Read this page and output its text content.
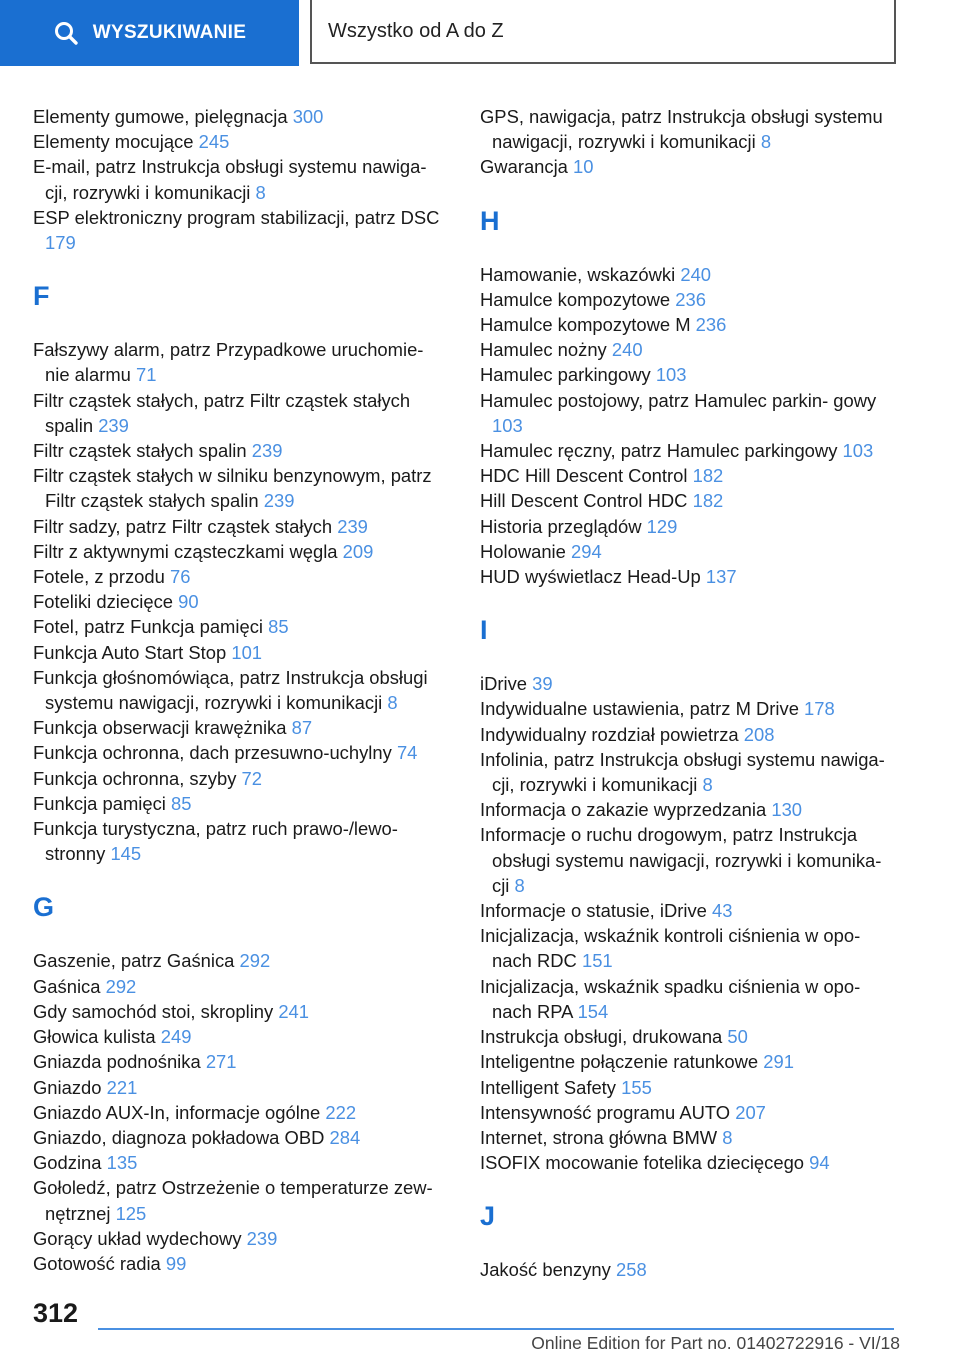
WYSZUKIWANIE	Wszystko od A do Z
Elementy gumowe, pielęgnacja 300
Elementy mocujące 245
E-mail, patrz Instrukcja obsługi systemu nawiga- cji, rozrywki i komunikacji 8
ESP elektroniczny program stabilizacji, patrz DSC 179
F
Fałszywy alarm, patrz Przypadkowe uruchomie- nie alarmu 71
Filtr cząstek stałych, patrz Filtr cząstek stałych spalin 239
Filtr cząstek stałych spalin 239
Filtr cząstek stałych w silniku benzynowym, patrz Filtr cząstek stałych spalin 239
Filtr sadzy, patrz Filtr cząstek stałych 239
Filtr z aktywnymi cząsteczkami węgla 209
Fotele, z przodu 76
Foteliki dziecięce 90
Fotel, patrz Funkcja pamięci 85
Funkcja Auto Start Stop 101
Funkcja głośnomówiąca, patrz Instrukcja obsługi systemu nawigacji, rozrywki i komunikacji 8
Funkcja obserwacji krawężnika 87
Funkcja ochronna, dach przesuwno-uchylny 74
Funkcja ochronna, szyby 72
Funkcja pamięci 85
Funkcja turystyczna, patrz ruch prawo-/lewo- stronny 145
G
Gaszenie, patrz Gaśnica 292
Gaśnica 292
Gdy samochód stoi, skropliny 241
Głowica kulista 249
Gniazda podnośnika 271
Gniazdo 221
Gniazdo AUX-In, informacje ogólne 222
Gniazdo, diagnoza pokładowa OBD 284
Godzina 135
Gołoledź, patrz Ostrzeżenie o temperaturze zew- nętrznej 125
Gorący układ wydechowy 239
Gotowość radia 99
GPS, nawigacja, patrz Instrukcja obsługi systemu nawigacji, rozrywki i komunikacji 8
Gwarancja 10
H
Hamowanie, wskazówki 240
Hamulce kompozytowe 236
Hamulce kompozytowe M 236
Hamulec nożny 240
Hamulec parkingowy 103
Hamulec postojowy, patrz Hamulec parkin- gowy 103
Hamulec ręczny, patrz Hamulec parkingowy 103
HDC Hill Descent Control 182
Hill Descent Control HDC 182
Historia przeglądów 129
Holowanie 294
HUD wyświetlacz Head-Up 137
I
iDrive 39
Indywidualne ustawienia, patrz M Drive 178
Indywidualny rozdział powietrza 208
Infolinia, patrz Instrukcja obsługi systemu nawiga- cji, rozrywki i komunikacji 8
Informacja o zakazie wyprzedzania 130
Informacje o ruchu drogowym, patrz Instrukcja obsługi systemu nawigacji, rozrywki i komunika- cji 8
Informacje o statusie, iDrive 43
Inicjalizacja, wskaźnik kontroli ciśnienia w opo- nach RDC 151
Inicjalizacja, wskaźnik spadku ciśnienia w opo- nach RPA 154
Instrukcja obsługi, drukowana 50
Inteligentne połączenie ratunkowe 291
Intelligent Safety 155
Intensywność programu AUTO 207
Internet, strona główna BMW 8
ISOFIX mocowanie fotelika dziecięcego 94
J
Jakość benzyny 258
312
Online Edition for Part no. 01402722916 - VI/18
